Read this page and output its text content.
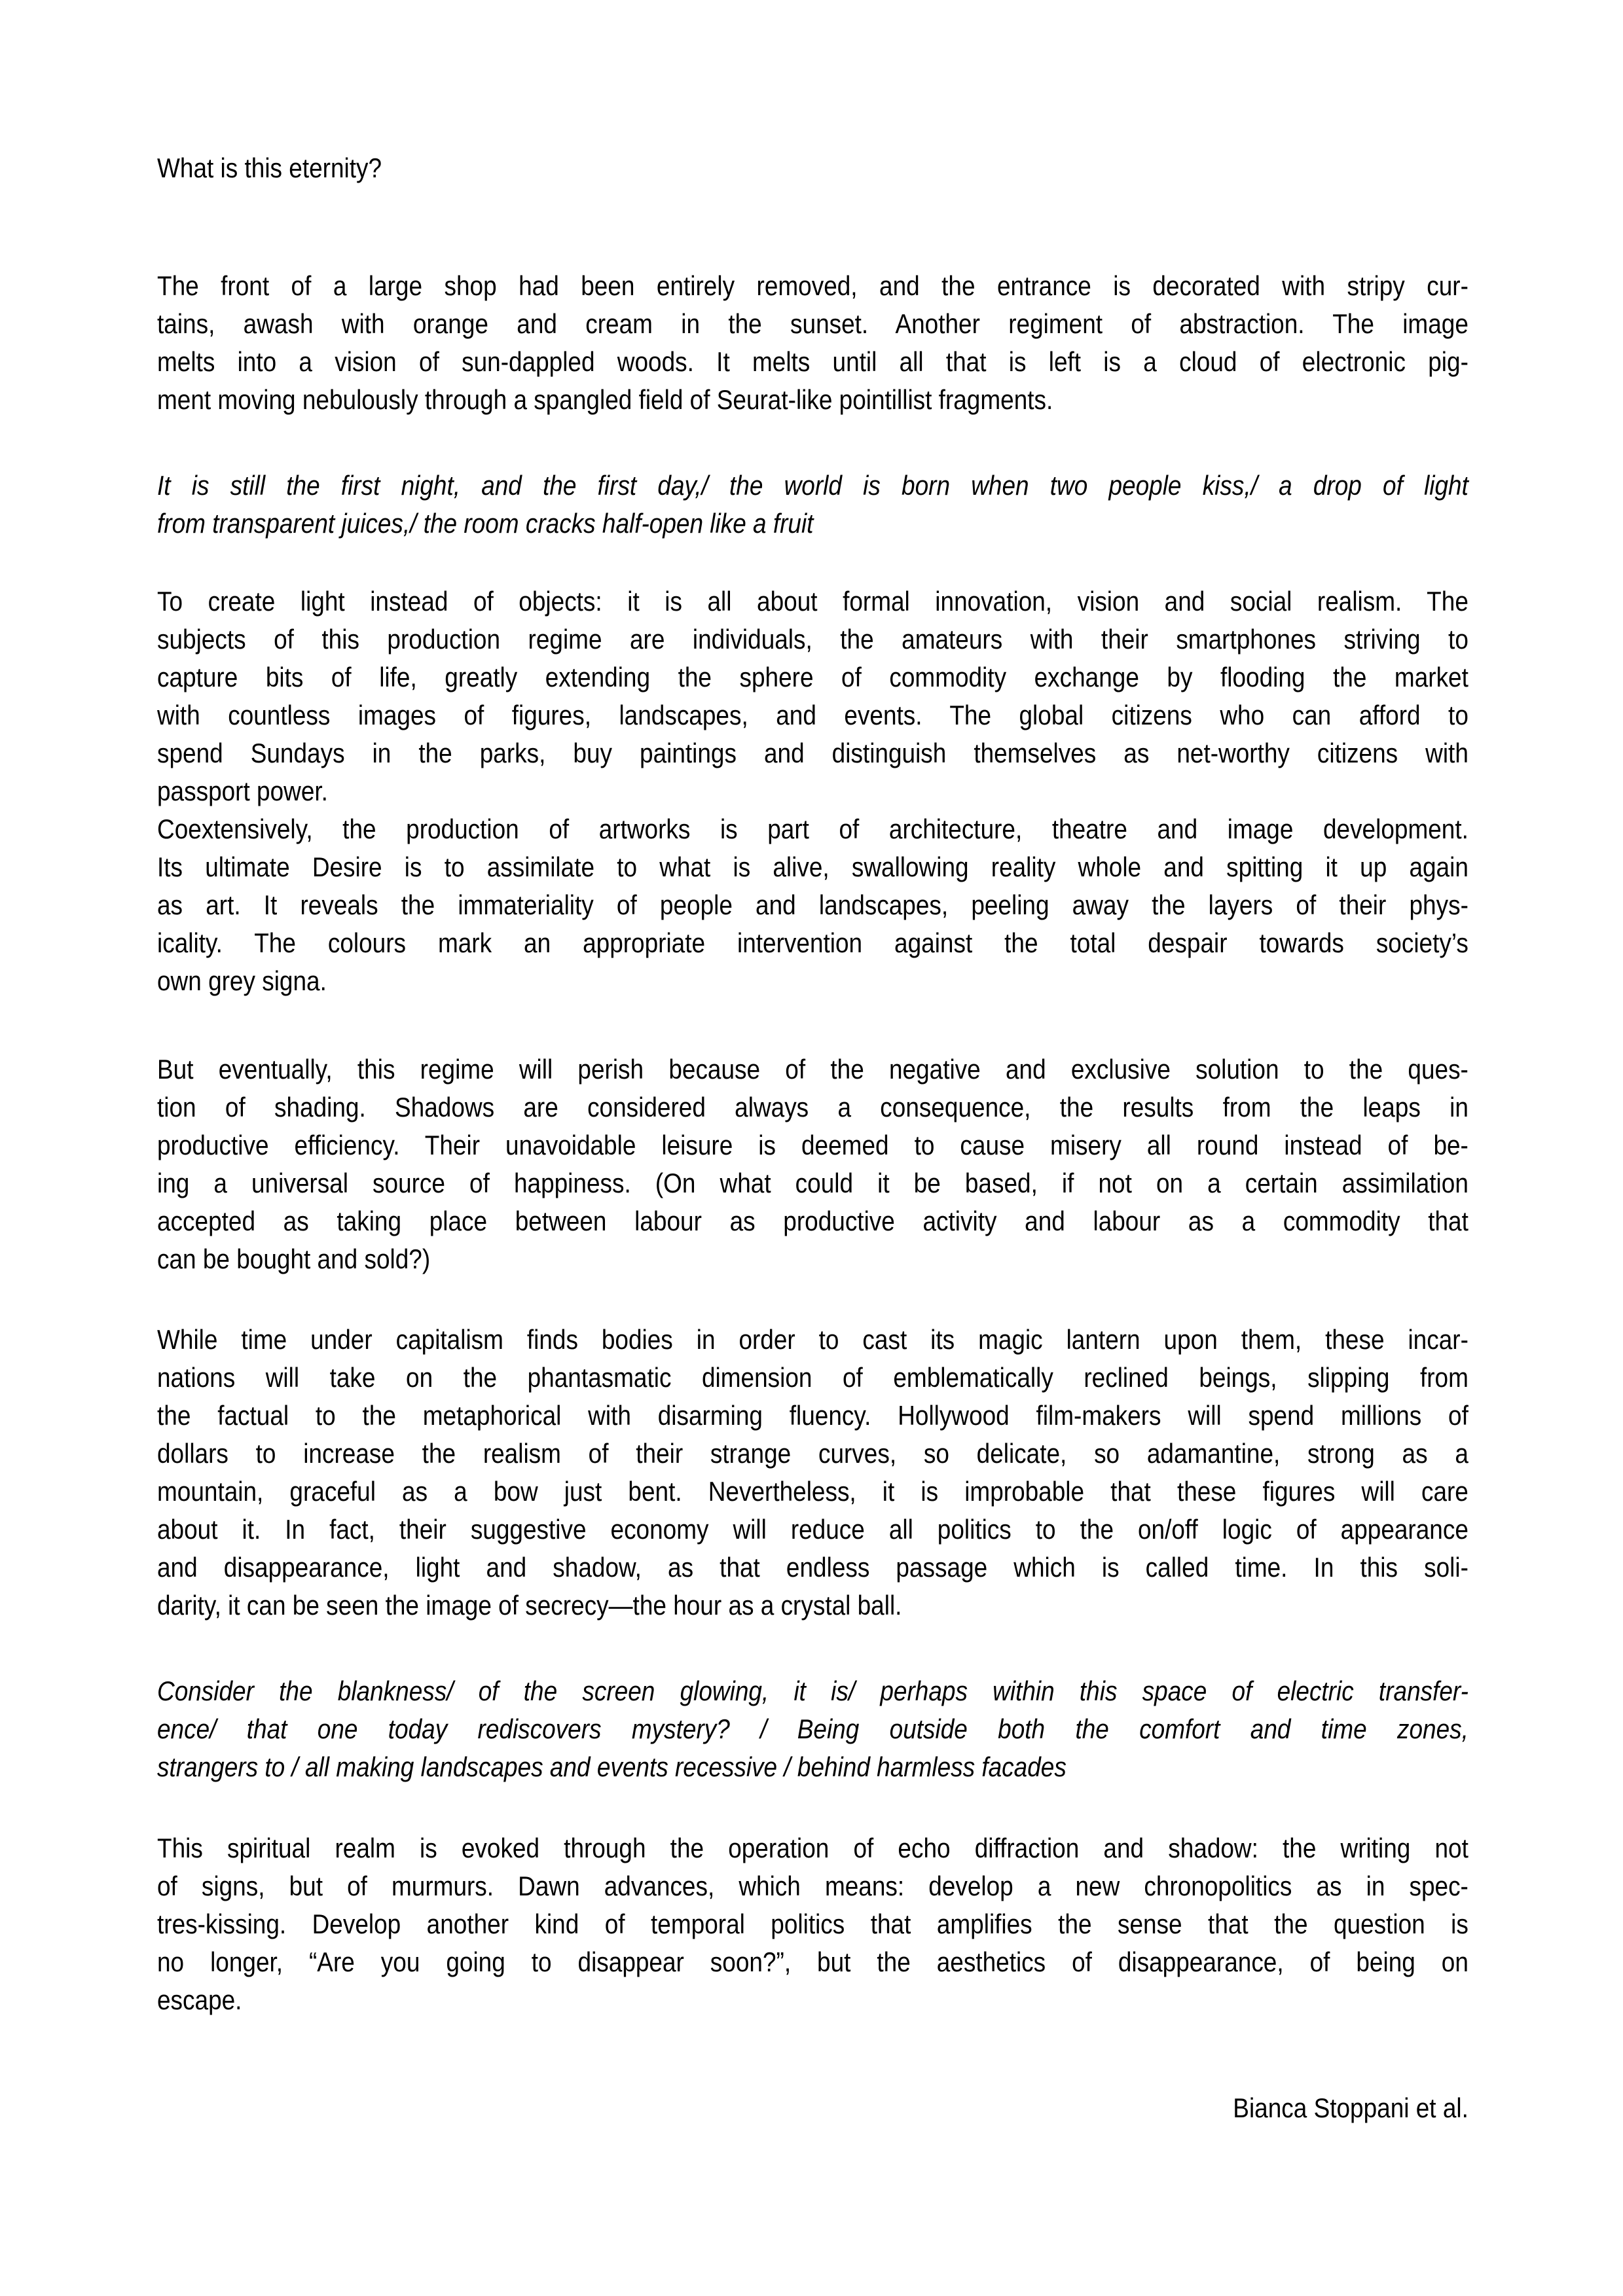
What is this eternity?
The front of a large shop had been entirely removed, and the entrance is decorated with stripy cur-
tains, awash with orange and cream in the sunset. Another regiment of abstraction. The image
melts into a vision of sun-dappled woods. It melts until all that is left is a cloud of electronic pig-
ment moving nebulously through a spangled field of Seurat-like pointillist fragments.
It is still the first night, and the first day,/ the world is born when two people kiss,/ a drop of light
from transparent juices,/ the room cracks half-open like a fruit
To create light instead of objects: it is all about formal innovation, vision and social realism. The
subjects of this production regime are individuals, the amateurs with their smartphones striving to
capture bits of life, greatly extending the sphere of commodity exchange by flooding the market
with countless images of figures, landscapes, and events. The global citizens who can afford to
spend Sundays in the parks, buy paintings and distinguish themselves as net-worthy citizens with
passport power.
Coextensively, the production of artworks is part of architecture, theatre and image development.
Its ultimate Desire is to assimilate to what is alive, swallowing reality whole and spitting it up again
as art. It reveals the immateriality of people and landscapes, peeling away the layers of their phys-
icality. The colours mark an appropriate intervention against the total despair towards society’s
own grey signa.
But eventually, this regime will perish because of the negative and exclusive solution to the ques-
tion of shading. Shadows are considered always a consequence, the results from the leaps in
productive efficiency. Their unavoidable leisure is deemed to cause misery all round instead of be-
ing a universal source of happiness. (On what could it be based, if not on a certain assimilation
accepted as taking place between labour as productive activity and labour as a commodity that
can be bought and sold?)
While time under capitalism finds bodies in order to cast its magic lantern upon them, these incar-
nations will take on the phantasmatic dimension of emblematically reclined beings, slipping from
the factual to the metaphorical with disarming fluency. Hollywood film-makers will spend millions of
dollars to increase the realism of their strange curves, so delicate, so adamantine, strong as a
mountain, graceful as a bow just bent. Nevertheless, it is improbable that these figures will care
about it. In fact, their suggestive economy will reduce all politics to the on/off logic of appearance
and disappearance, light and shadow, as that endless passage which is called time. In this soli-
darity, it can be seen the image of secrecy—the hour as a crystal ball.
Consider the blankness/ of the screen glowing, it is/ perhaps within this space of electric transfer-
ence/ that one today rediscovers mystery? / Being outside both the comfort and time zones,
strangers to / all making landscapes and events recessive / behind harmless facades
This spiritual realm is evoked through the operation of echo diffraction and shadow: the writing not
of signs, but of murmurs. Dawn advances, which means: develop a new chronopolitics as in spec-
tres-kissing. Develop another kind of temporal politics that amplifies the sense that the question is
no longer, “Are you going to disappear soon?”, but the aesthetics of disappearance, of being on
escape.
Bianca Stoppani et al.
